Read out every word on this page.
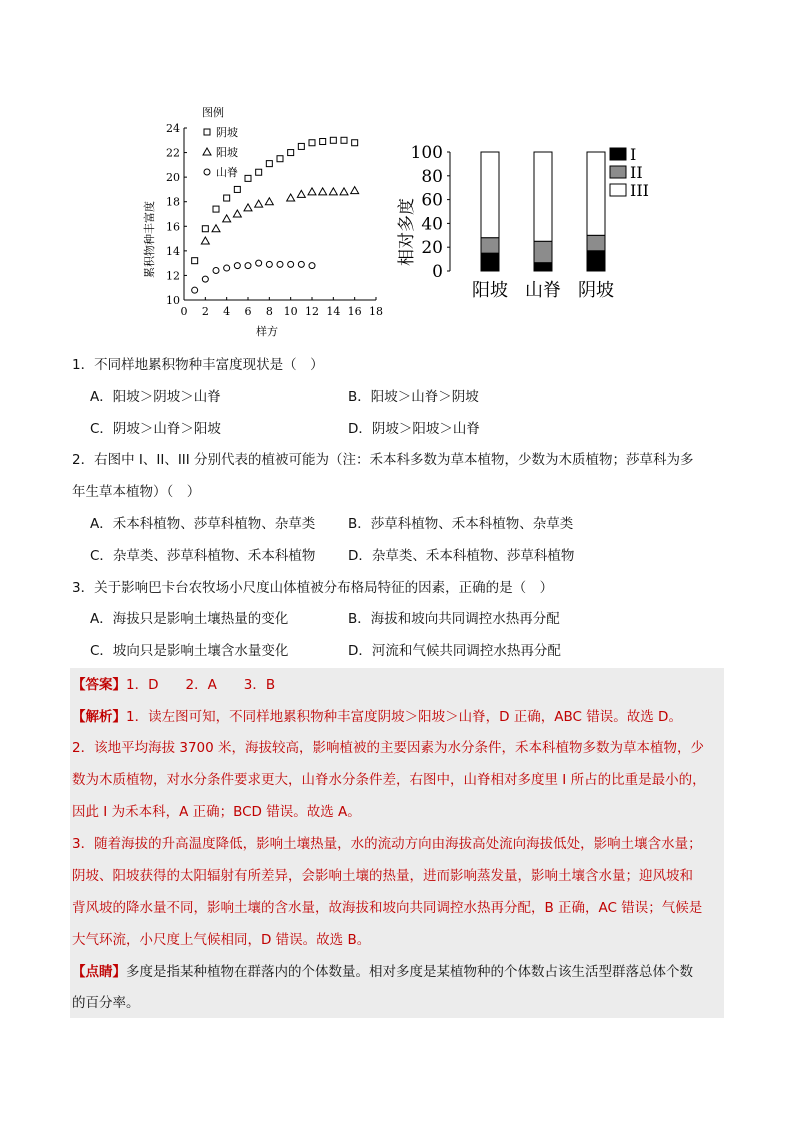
0 2 4 6 8 10 12 14 16 18
10
12
14
16
18
20
22
24
图例
阴坡
阳坡
山脊
累积物种丰富度
样方
0
20
40
60
80
100
阳坡 山脊 阴坡
相对多度
I
II
III
1．不同样地累积物种丰富度现状是（　）
A．阳坡＞阴坡＞山脊	B．阳坡＞山脊＞阴坡
C．阴坡＞山脊＞阳坡	D．阴坡＞阳坡＞山脊
2．右图中 I、II、III 分别代表的植被可能为（注：禾本科多数为草本植物，少数为木质植物；莎草科为多
年生草本植物）（　）
A．禾本科植物、莎草科植物、杂草类 B．莎草科植物、禾本科植物、杂草类
C．杂草类、莎草科植物、禾本科植物 D．杂草类、禾本科植物、莎草科植物
3．关于影响巴卡台农牧场小尺度山体植被分布格局特征的因素，正确的是（　）
A．海拔只是影响土壤热量的变化	B．海拔和坡向共同调控水热再分配
C．坡向只是影响土壤含水量变化	D．河流和气候共同调控水热再分配
【答案】1．D　　2．A　　3．B
【解析】1．读左图可知，不同样地累积物种丰富度阴坡＞阳坡＞山脊，D 正确，ABC 错误。故选 D。
2．该地平均海拔 3700 米，海拔较高，影响植被的主要因素为水分条件，禾本科植物多数为草本植物，少
数为木质植物，对水分条件要求更大，山脊水分条件差，右图中，山脊相对多度里 I 所占的比重是最小的，
因此 I 为禾本科，A 正确；BCD 错误。故选 A。
3．随着海拔的升高温度降低，影响土壤热量，水的流动方向由海拔高处流向海拔低处，影响土壤含水量；
阴坡、阳坡获得的太阳辐射有所差异，会影响土壤的热量，进而影响蒸发量，影响土壤含水量；迎风坡和
背风坡的降水量不同，影响土壤的含水量，故海拔和坡向共同调控水热再分配，B 正确，AC 错误；气候是
大气环流，小尺度上气候相同，D 错误。故选 B。
【点睛】多度是指某种植物在群落内的个体数量。相对多度是某植物种的个体数占该生活型群落总体个数
的百分率。
